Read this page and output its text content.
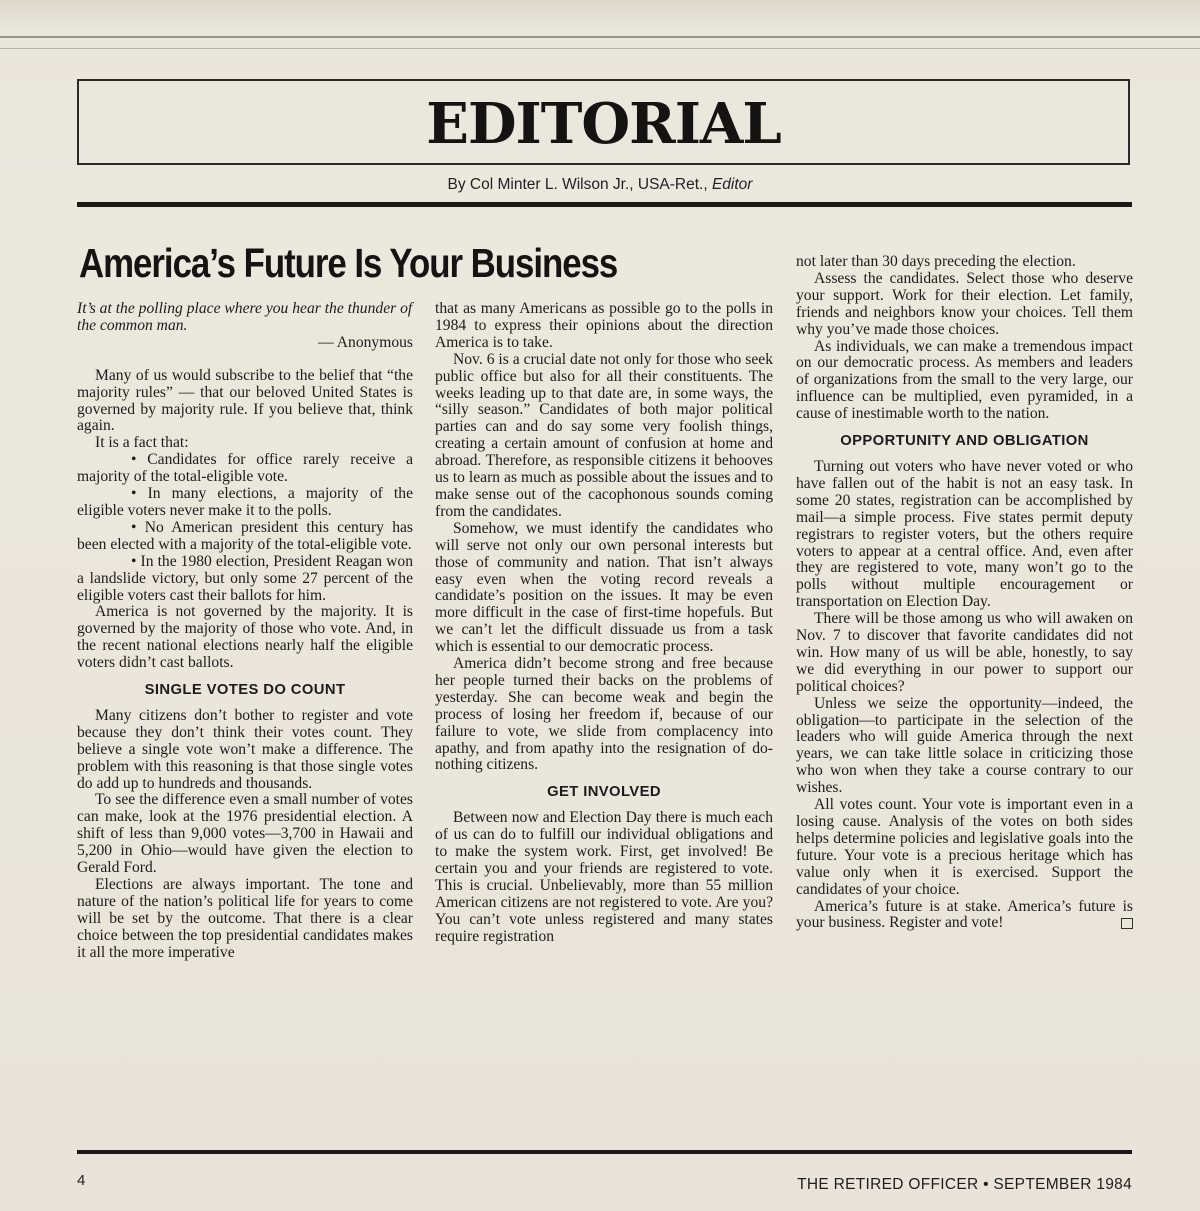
EDITORIAL
By Col Minter L. Wilson Jr., USA-Ret., Editor
America’s Future Is Your Business

It’s at the polling place where you hear the thunder of the common man.

— Anonymous

Many of us would subscribe to the belief that “the majority rules” — that our beloved United States is governed by majority rule. If you believe that, think again.

It is a fact that:

• Candidates for office rarely receive a majority of the total-eligible vote.

• In many elections, a majority of the eligible voters never make it to the polls.

• No American president this century has been elected with a majority of the total-eligible vote.

• In the 1980 election, President Reagan won a landslide victory, but only some 27 percent of the eligible voters cast their ballots for him.

America is not governed by the majority. It is governed by the majority of those who vote. And, in the recent national elections nearly half the eligible voters didn’t cast ballots.

SINGLE VOTES DO COUNT

Many citizens don’t bother to register and vote because they don’t think their votes count. They believe a single vote won’t make a difference. The problem with this reasoning is that those single votes do add up to hundreds and thousands.

To see the difference even a small number of votes can make, look at the 1976 presidential election. A shift of less than 9,000 votes—3,700 in Hawaii and 5,200 in Ohio—would have given the election to Gerald Ford.

Elections are always important. The tone and nature of the nation’s political life for years to come will be set by the outcome. That there is a clear choice between the top presidential candidates makes it all the more imperative

that as many Americans as possible go to the polls in 1984 to express their opinions about the direction America is to take.

Nov. 6 is a crucial date not only for those who seek public office but also for all their constituents. The weeks leading up to that date are, in some ways, the “silly season.” Candidates of both major political parties can and do say some very foolish things, creating a certain amount of confusion at home and abroad. Therefore, as responsible citizens it behooves us to learn as much as possible about the issues and to make sense out of the cacophonous sounds coming from the candidates.

Somehow, we must identify the candidates who will serve not only our own personal interests but those of community and nation. That isn’t always easy even when the voting record reveals a candidate’s position on the issues. It may be even more difficult in the case of first-time hopefuls. But we can’t let the difficult dissuade us from a task which is essential to our democratic process.

America didn’t become strong and free because her people turned their backs on the problems of yesterday. She can become weak and begin the process of losing her freedom if, because of our failure to vote, we slide from complacency into apathy, and from apathy into the resignation of do-nothing citizens.

GET INVOLVED

Between now and Election Day there is much each of us can do to fulfill our individual obligations and to make the system work. First, get involved! Be certain you and your friends are registered to vote. This is crucial. Unbelievably, more than 55 million American citizens are not registered to vote. Are you? You can’t vote unless registered and many states require registration

not later than 30 days preceding the election.

Assess the candidates. Select those who deserve your support. Work for their election. Let family, friends and neighbors know your choices. Tell them why you’ve made those choices.

As individuals, we can make a tremendous impact on our democratic process. As members and leaders of organizations from the small to the very large, our influence can be multiplied, even pyramided, in a cause of inestimable worth to the nation.

OPPORTUNITY AND OBLIGATION

Turning out voters who have never voted or who have fallen out of the habit is not an easy task. In some 20 states, registration can be accomplished by mail—a simple process. Five states permit deputy registrars to register voters, but the others require voters to appear at a central office. And, even after they are registered to vote, many won’t go to the polls without multiple encouragement or transportation on Election Day.

There will be those among us who will awaken on Nov. 7 to discover that favorite candidates did not win. How many of us will be able, honestly, to say we did everything in our power to support our political choices?

Unless we seize the opportunity—indeed, the obligation—to participate in the selection of the leaders who will guide America through the next years, we can take little solace in criticizing those who won when they take a course contrary to our wishes.

All votes count. Your vote is important even in a losing cause. Analysis of the votes on both sides helps determine policies and legislative goals into the future. Your vote is a precious heritage which has value only when it is exercised. Support the candidates of your choice.

America’s future is at stake. America’s future is your business. Register and vote!

4	THE RETIRED OFFICER • SEPTEMBER 1984
